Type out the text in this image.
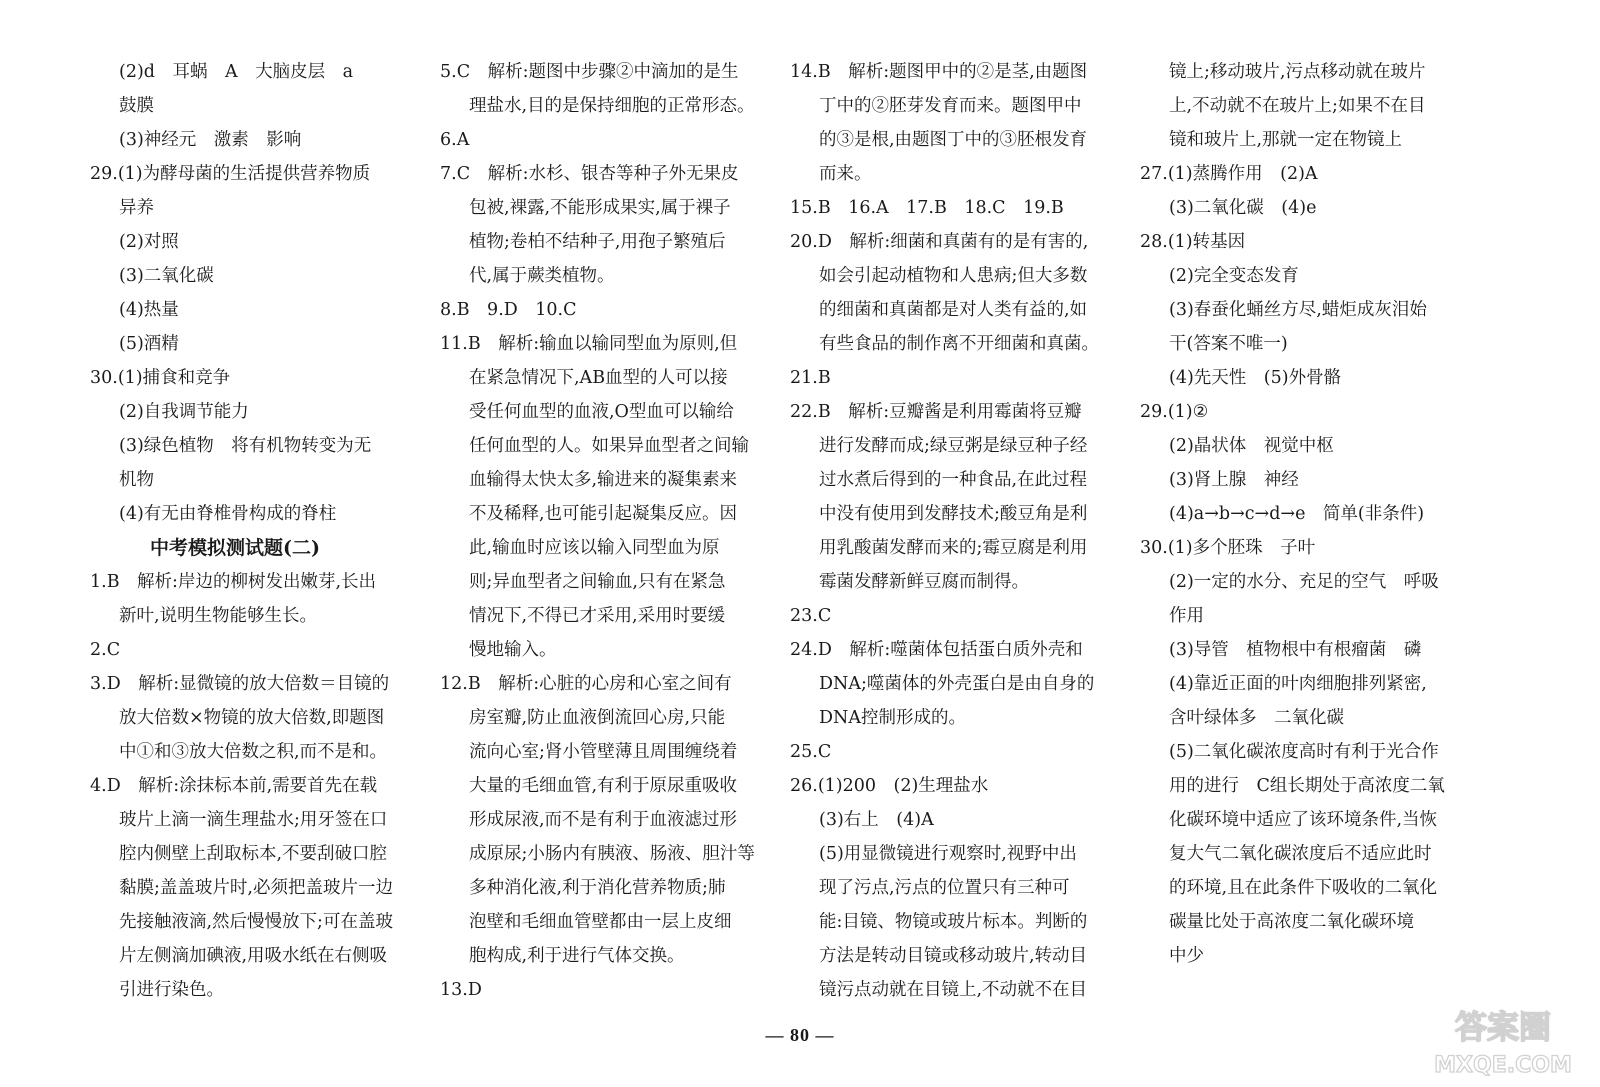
(2)d　耳蜗　A　大脑皮层　a
鼓膜
(3)神经元　激素　影响
29.(1)为酵母菌的生活提供营养物质
异养
(2)对照
(3)二氧化碳
(4)热量
(5)酒精
30.(1)捕食和竞争
(2)自我调节能力
(3)绿色植物　将有机物转变为无
机物
(4)有无由脊椎骨构成的脊柱
中考模拟测试题(二)
1.B　解析:岸边的柳树发出嫩芽,长出
新叶,说明生物能够生长。
2.C
3.D　解析:显微镜的放大倍数＝目镜的
放大倍数×物镜的放大倍数,即题图
中①和③放大倍数之积,而不是和。
4.D　解析:涂抹标本前,需要首先在载
玻片上滴一滴生理盐水;用牙签在口
腔内侧壁上刮取标本,不要刮破口腔
黏膜;盖盖玻片时,必须把盖玻片一边
先接触液滴,然后慢慢放下;可在盖玻
片左侧滴加碘液,用吸水纸在右侧吸
引进行染色。
5.C　解析:题图中步骤②中滴加的是生
理盐水,目的是保持细胞的正常形态。
6.A
7.C　解析:水杉、银杏等种子外无果皮
包被,裸露,不能形成果实,属于裸子
植物;卷柏不结种子,用孢子繁殖后
代,属于蕨类植物。
8.B　9.D　10.C
11.B　解析:输血以输同型血为原则,但
在紧急情况下,AB血型的人可以接
受任何血型的血液,O型血可以输给
任何血型的人。如果异血型者之间输
血输得太快太多,输进来的凝集素来
不及稀释,也可能引起凝集反应。因
此,输血时应该以输入同型血为原
则;异血型者之间输血,只有在紧急
情况下,不得已才采用,采用时要缓
慢地输入。
12.B　解析:心脏的心房和心室之间有
房室瓣,防止血液倒流回心房,只能
流向心室;肾小管壁薄且周围缠绕着
大量的毛细血管,有利于原尿重吸收
形成尿液,而不是有利于血液滤过形
成原尿;小肠内有胰液、肠液、胆汁等
多种消化液,利于消化营养物质;肺
泡壁和毛细血管壁都由一层上皮细
胞构成,利于进行气体交换。
13.D
14.B　解析:题图甲中的②是茎,由题图
丁中的②胚芽发育而来。题图甲中
的③是根,由题图丁中的③胚根发育
而来。
15.B　16.A　17.B　18.C　19.B
20.D　解析:细菌和真菌有的是有害的,
如会引起动植物和人患病;但大多数
的细菌和真菌都是对人类有益的,如
有些食品的制作离不开细菌和真菌。
21.B
22.B　解析:豆瓣酱是利用霉菌将豆瓣
进行发酵而成;绿豆粥是绿豆种子经
过水煮后得到的一种食品,在此过程
中没有使用到发酵技术;酸豆角是利
用乳酸菌发酵而来的;霉豆腐是利用
霉菌发酵新鲜豆腐而制得。
23.C
24.D　解析:噬菌体包括蛋白质外壳和
DNA;噬菌体的外壳蛋白是由自身的
DNA控制形成的。
25.C
26.(1)200　(2)生理盐水
(3)右上　(4)A
(5)用显微镜进行观察时,视野中出
现了污点,污点的位置只有三种可
能:目镜、物镜或玻片标本。判断的
方法是转动目镜或移动玻片,转动目
镜污点动就在目镜上,不动就不在目
镜上;移动玻片,污点移动就在玻片
上,不动就不在玻片上;如果不在目
镜和玻片上,那就一定在物镜上
27.(1)蒸腾作用　(2)A
(3)二氧化碳　(4)e
28.(1)转基因
(2)完全变态发育
(3)春蚕化蛹丝方尽,蜡炬成灰泪始
干(答案不唯一)
(4)先天性　(5)外骨骼
29.(1)②
(2)晶状体　视觉中枢
(3)肾上腺　神经
(4)a→b→c→d→e　简单(非条件)
30.(1)多个胚珠　子叶
(2)一定的水分、充足的空气　呼吸
作用
(3)导管　植物根中有根瘤菌　磷
(4)靠近正面的叶肉细胞排列紧密,
含叶绿体多　二氧化碳
(5)二氧化碳浓度高时有利于光合作
用的进行　C组长期处于高浓度二氧
化碳环境中适应了该环境条件,当恢
复大气二氧化碳浓度后不适应此时
的环境,且在此条件下吸收的二氧化
碳量比处于高浓度二氧化碳环境
中少
— 80 —	答案圈
MXQE.COM
